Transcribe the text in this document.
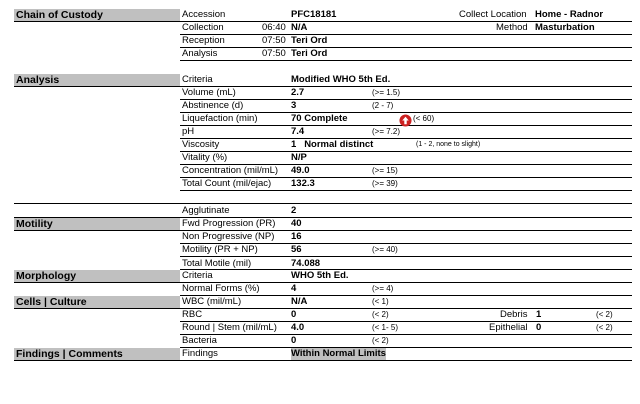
Chain of Custody	Accession	PFC18181	Collect Location Home - Radnor
Collection	06:40 N/A	Method Masturbation
Reception	07:50 Teri Ord
Analysis	07:50 Teri Ord
Analysis	Criteria	Modified WHO 5th Ed.
Volume (mL)	2.7	(>= 1.5)
Abstinence (d)	3	(2 - 7)
Liquefaction (min)	70 Complete	(< 60)
pH	7.4	(>= 7.2)
Viscosity	1   Normal distinct	(1 - 2, none to slight)
Vitality (%)	N/P
Concentration (mil/mL) 49.0	(>= 15)
Total Count (mil/ejac) 132.3	(>= 39)
Agglutinate	2
Motility	Fwd Progression (PR) 40
Non Progressive (NP) 16
Motility (PR + NP)	56	(>= 40)
Total Motile (mil)	74.088
Morphology	Criteria	WHO 5th Ed.
Normal Forms (%)	4	(>= 4)
Cells | Culture	WBC (mil/mL)	N/A	(< 1)
RBC	0	(< 2)	Debris 1	(< 2)
Round | Stem (mil/mL) 4.0	(< 1- 5)	Epithelial 0	(< 2)
Bacteria	0	(< 2)
Findings | Comments	Findings	Within Normal Limits
